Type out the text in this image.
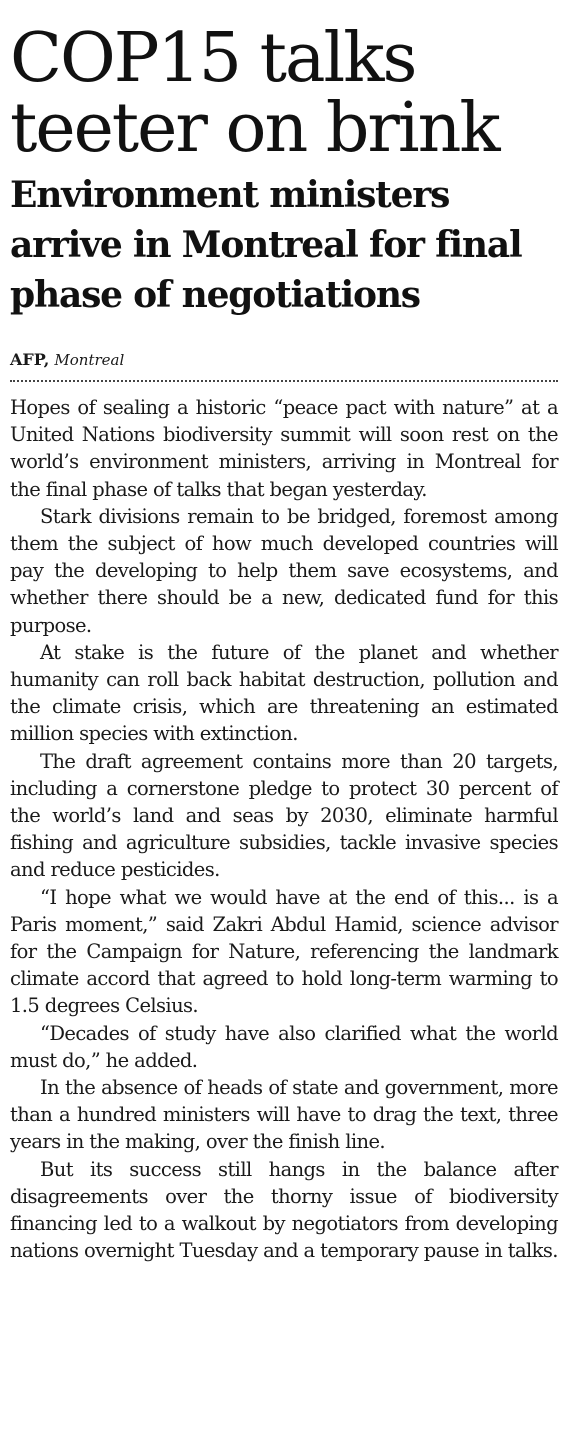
COP15 talks teeter on brink
Environment ministers arrive in Montreal for final phase of negotiations
AFP, Montreal

Hopes of sealing a historic “peace pact with nature” at a United Nations biodiversity summit will soon rest on the world’s environment ministers, arriving in Montreal for the final phase of talks that began yesterday.

Stark divisions remain to be bridged, foremost among them the subject of how much developed countries will pay the developing to help them save ecosystems, and whether there should be a new, dedicated fund for this purpose.

At stake is the future of the planet and whether humanity can roll back habitat destruction, pollution and the climate crisis, which are threatening an estimated million species with extinction.

The draft agreement contains more than 20 targets, including a cornerstone pledge to protect 30 percent of the world’s land and seas by 2030, eliminate harmful fishing and agriculture subsidies, tackle invasive species and reduce pesticides.

“I hope what we would have at the end of this... is a Paris moment,” said Zakri Abdul Hamid, science advisor for the Campaign for Nature, referencing the landmark climate accord that agreed to hold long-term warming to 1.5 degrees Celsius.

“Decades of study have also clarified what the world must do,” he added.

In the absence of heads of state and government, more than a hundred ministers will have to drag the text, three years in the making, over the finish line.

But its success still hangs in the balance after disagreements over the thorny issue of biodiversity financing led to a walkout by negotiators from developing nations overnight Tuesday and a temporary pause in talks.
